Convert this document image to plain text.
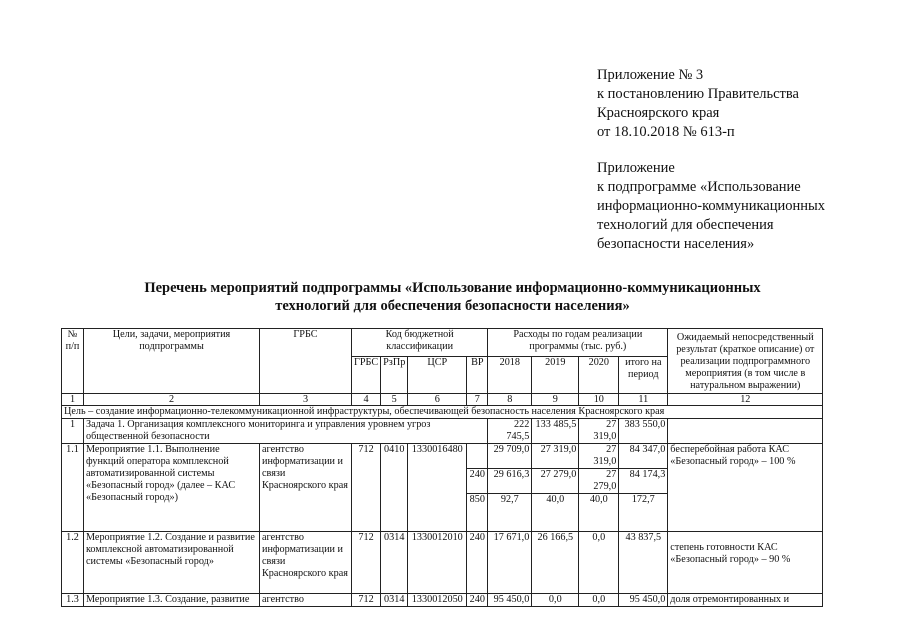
Приложение № 3
к постановлению Правительства
Красноярского края
от 18.10.2018 № 613-п
Приложение
к подпрограмме «Использование
информационно-коммуникационных
технологий для обеспечения
безопасности населения»
Перечень мероприятий подпрограммы «Использование информационно-коммуникационных
технологий для обеспечения безопасности населения»
№ п/п	Цели, задачи, мероприятия подпрограммы	ГРБС	Код бюджетной классификации				Расходы по годам реализации программы (тыс. руб.)				Ожидаемый непосредственный результат (краткое описание) от реализации подпрограммного мероприятия (в том числе в натуральном выражении)
			ГРБС	РзПр	ЦСР	ВР	2018	2019	2020	итого на период	
1	2	3	4	5	6	7	8	9	10	11	12
Цель – создание информационно-телекоммуникационной инфраструктуры, обеспечивающей безопасность населения Красноярского края											
1	Задача 1. Организация комплексного мониторинга и управления уровнем угроз общественной безопасности						222 745,5	133 485,5	27 319,0	383 550,0	
1.1	Мероприятие 1.1. Выполнение функций оператора комплексной автоматизированной системы «Безопасный город» (далее – КАС «Безопасный город»)	агентство информатизации и связи Красноярского края	712	0410	1330016480		29 709,0	27 319,0	27 319,0	84 347,0	бесперебойная работа КАС «Безопасный город» – 100 %
						240	29 616,3	27 279,0	27 279,0	84 174,3	
						850	92,7	40,0	40,0	172,7	
1.2	Мероприятие 1.2. Создание и развитие комплексной автоматизированной системы «Безопасный город»	агентство информатизации и связи Красноярского края	712	0314	1330012010	240	17 671,0	26 166,5	0,0	43 837,5	степень готовности КАС «Безопасный город» – 90 %
1.3	Мероприятие 1.3. Создание, развитие	агентство	712	0314	1330012050	240	95 450,0	0,0	0,0	95 450,0	доля отремонтированных и
